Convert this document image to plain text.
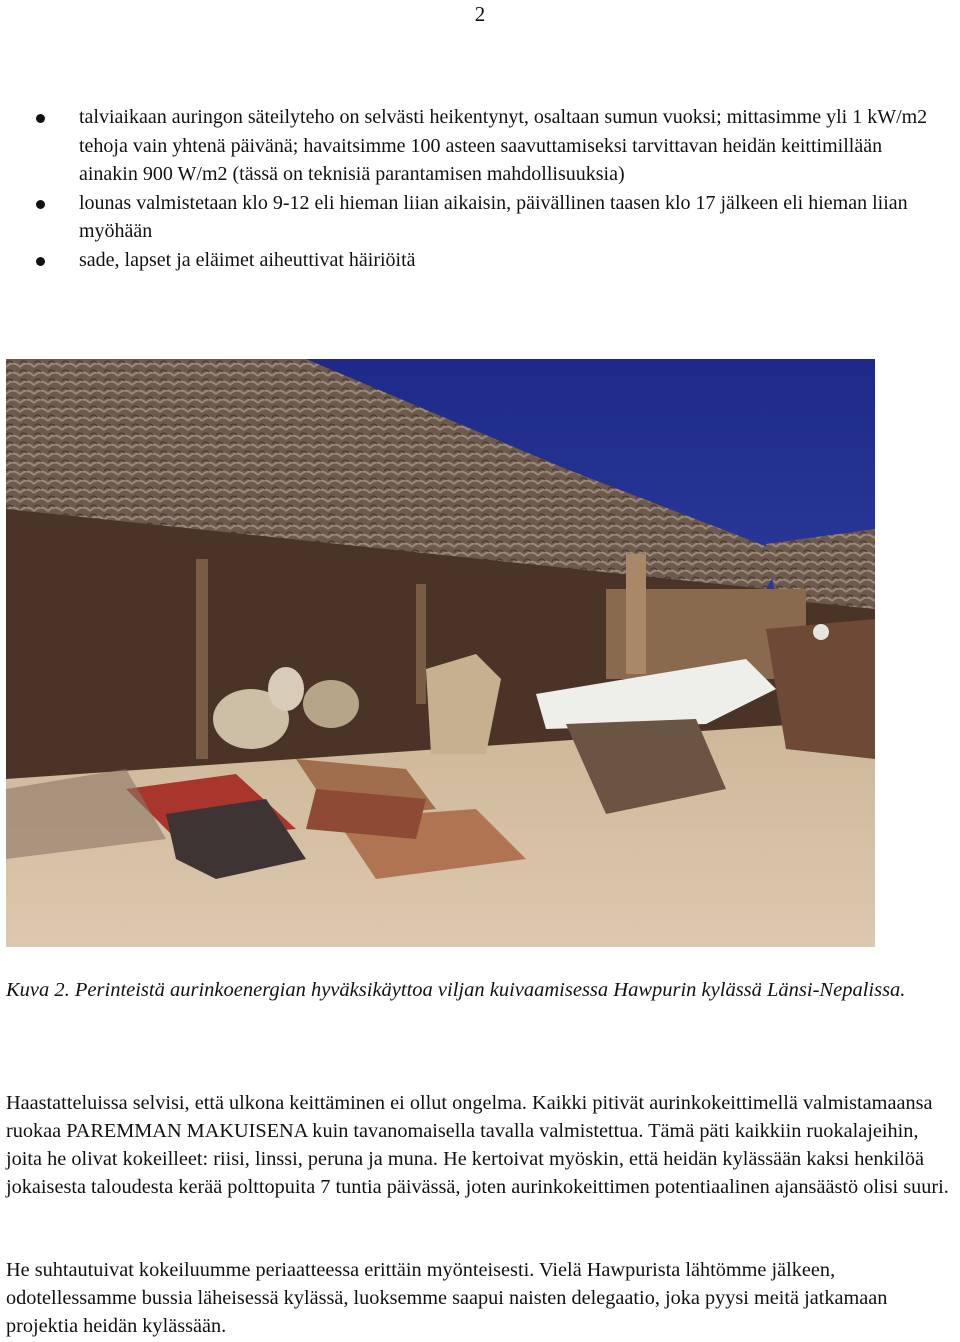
2
talviaikaan auringon säteilyteho on selvästi heikentynyt, osaltaan sumun vuoksi; mittasimme yli 1 kW/m2 tehoja vain yhtenä päivänä; havaitsimme 100 asteen saavuttamiseksi tarvittavan heidän keittimillään ainakin 900 W/m2 (tässä on teknisiä parantamisen mahdollisuuksia)
lounas valmistetaan klo 9-12 eli hieman liian aikaisin, päivällinen taasen klo 17 jälkeen eli hieman liian myöhään
sade, lapset ja eläimet aiheuttivat häiriöitä
Kuva 2. Perinteistä aurinkoenergian hyväksikäyttoa viljan kuivaamisessa Hawpurin kylässä Länsi-Nepalissa.

Haastatteluissa selvisi, että ulkona keittäminen ei ollut ongelma. Kaikki pitivät aurinkokeittimellä valmistamaansa ruokaa PAREMMAN MAKUISENA kuin tavanomaisella tavalla valmistettua. Tämä päti kaikkiin ruokalajeihin, joita he olivat kokeilleet: riisi, linssi, peruna ja muna. He kertoivat myöskin, että heidän kylässään kaksi henkilöä jokaisesta taloudesta kerää polttopuita 7 tuntia päivässä, joten aurinkokeittimen potentiaalinen ajansäästö olisi suuri.

He suhtautuivat kokeiluumme periaatteessa erittäin myönteisesti. Vielä Hawpurista lähtömme jälkeen, odotellessamme bussia läheisessä kylässä, luoksemme saapui naisten delegaatio, joka pyysi meitä jatkamaan projektia heidän kylässään.
